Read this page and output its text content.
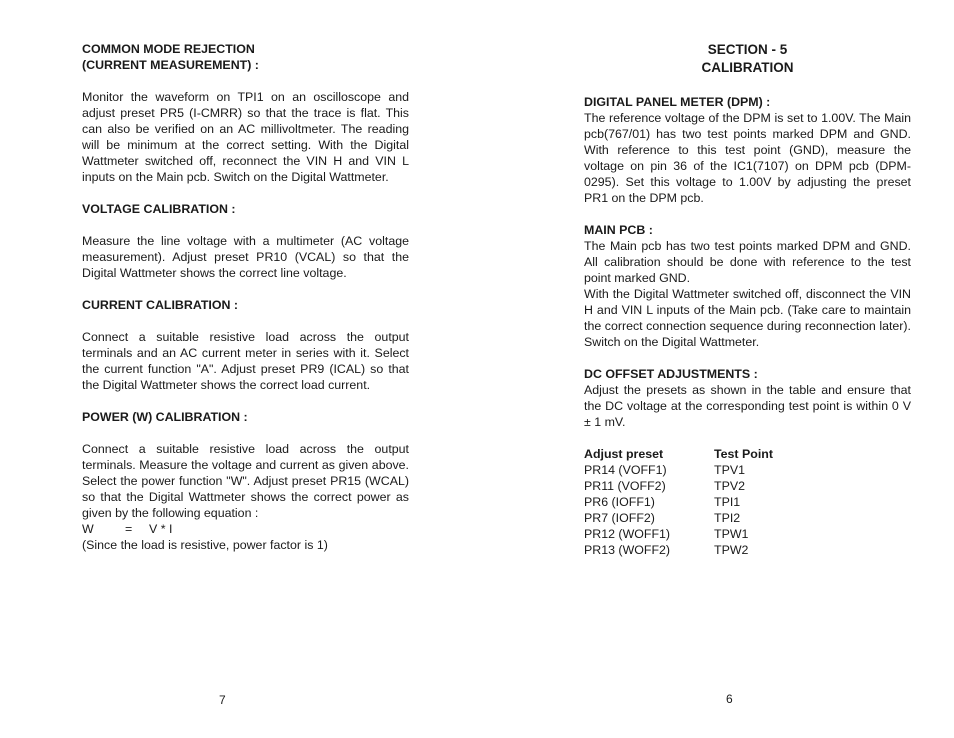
COMMON MODE REJECTION
(CURRENT MEASUREMENT) :

Monitor the waveform on TPI1 on an oscilloscope and adjust preset PR5 (I-CMRR) so that the trace is flat. This can also be verified on an AC millivoltmeter. The reading will be minimum at the correct setting. With the Digital Wattmeter switched off, reconnect the VIN H and VIN L inputs on the Main pcb. Switch on the Digital Wattmeter.

VOLTAGE CALIBRATION :

Measure the line voltage with a multimeter (AC voltage measurement). Adjust preset PR10 (VCAL) so that the Digital Wattmeter shows the correct line voltage.

CURRENT CALIBRATION :

Connect a suitable resistive load across the output terminals and an AC current meter in series with it. Select the current function "A". Adjust preset PR9 (ICAL) so that the Digital Wattmeter shows the correct load current.

POWER (W) CALIBRATION :

Connect a suitable resistive load across the output terminals. Measure the voltage and current as given above. Select the power function "W". Adjust preset PR15 (WCAL) so that the Digital Wattmeter shows the correct power as given by the following equation :

W	=	V * I
(Since the load is resistive, power factor is 1)
7
SECTION - 5
CALIBRATION
DIGITAL PANEL METER (DPM) :

The reference voltage of the DPM is set to 1.00V. The Main pcb(767/01) has two test points marked DPM and GND. With reference to this test point (GND), measure the voltage on pin 36 of the IC1(7107) on DPM pcb (DPM-0295). Set this voltage to 1.00V by adjusting the preset PR1 on the DPM pcb.

MAIN PCB :

The Main pcb has two test points marked DPM and GND. All calibration should be done with reference to the test point marked GND.

With the Digital Wattmeter switched off, disconnect the VIN H and VIN L inputs of the Main pcb. (Take care to maintain the correct connection sequence during reconnection later). Switch on the Digital Wattmeter.

DC OFFSET ADJUSTMENTS :

Adjust the presets as shown in the table and ensure that the DC voltage at the corresponding test point is within 0 V ± 1 mV.

Adjust preset	Test Point
PR14 (VOFF1)	TPV1
PR11 (VOFF2)	TPV2
PR6 (IOFF1)	TPI1
PR7 (IOFF2)	TPI2
PR12 (WOFF1)	TPW1
PR13 (WOFF2)	TPW2
6
